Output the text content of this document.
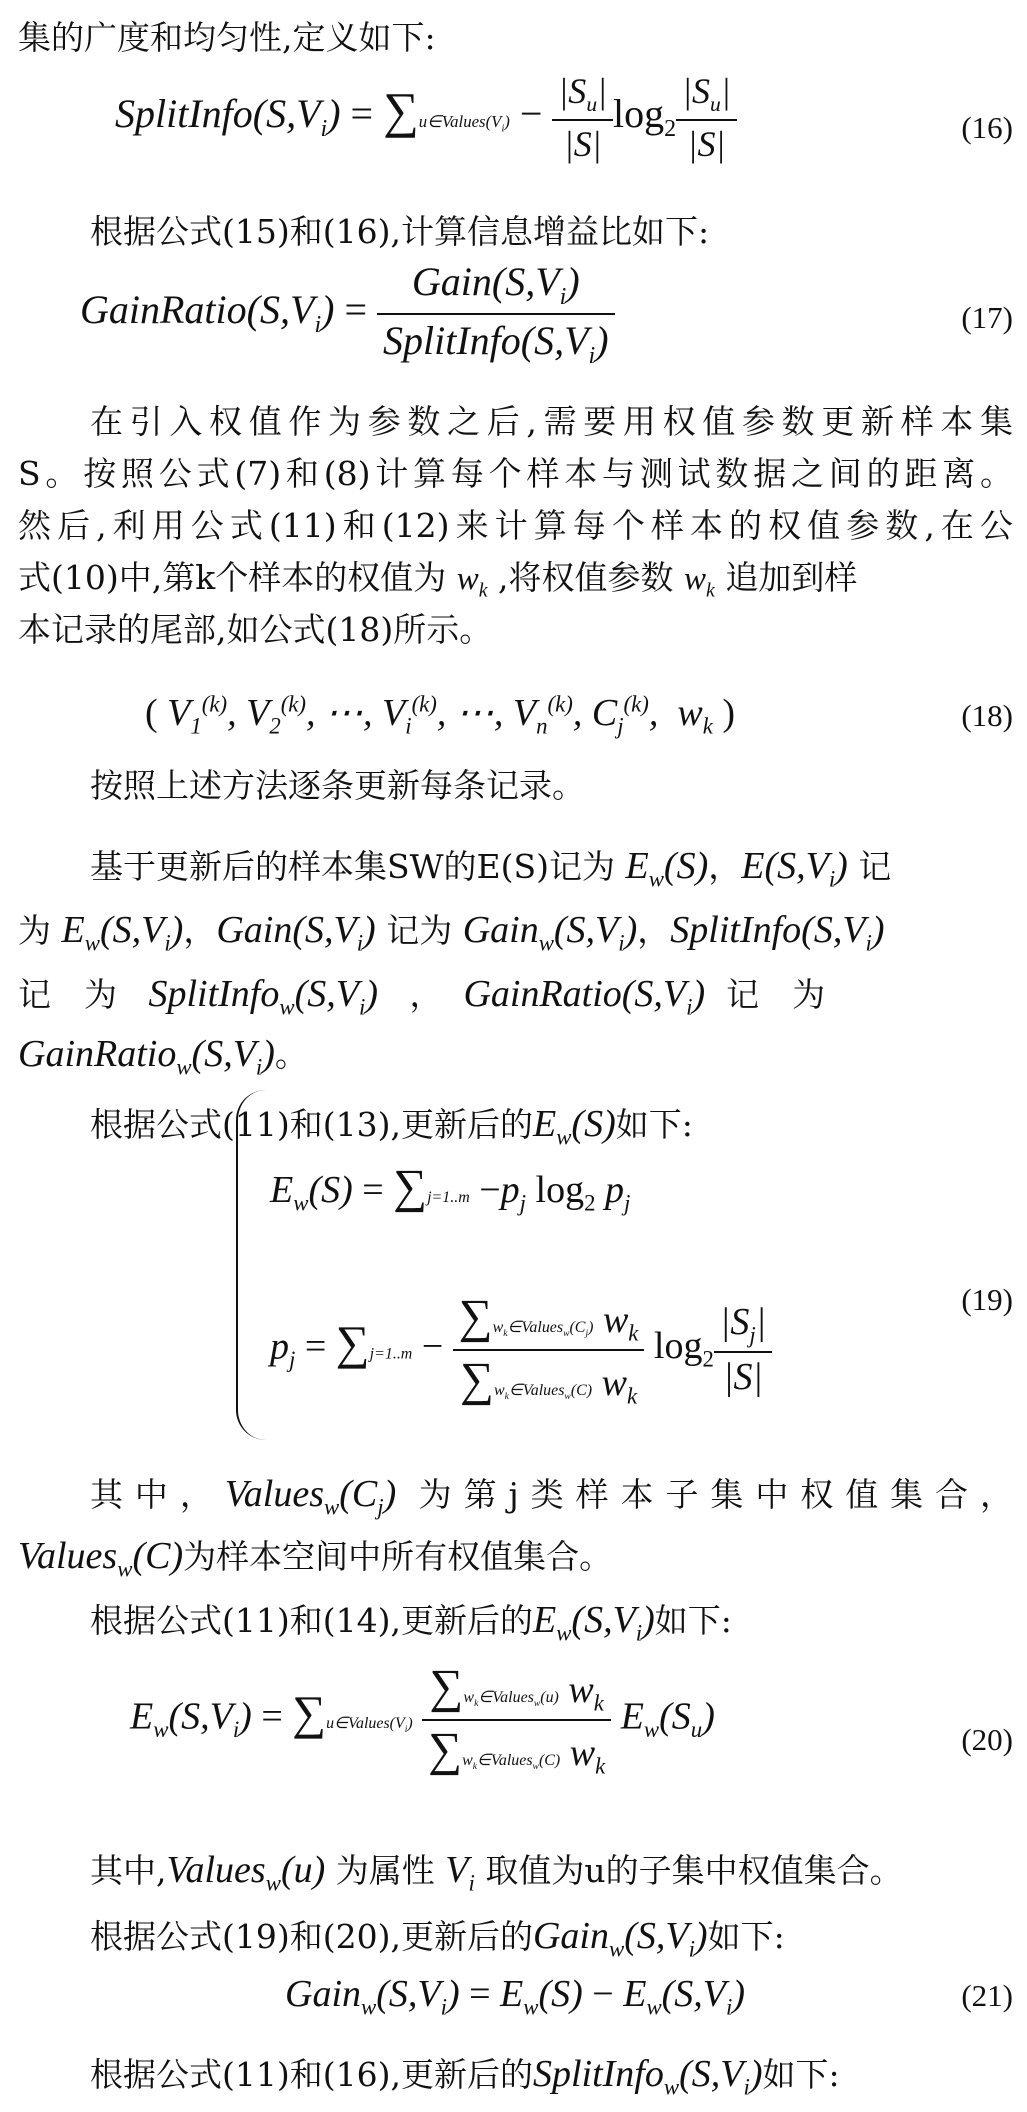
集的广度和均匀性,定义如下:
$SplitInfo(S,V_i)$ = $\sum u\in Values(V_i) - \frac{|S_u|}{|S|} \log_2 \frac{|S_u|}{|S|}$	(16)
根据公式(15)和(16),计算信息增益比如下:
$GainRatio(S,V_i) = \frac{Gain(S,V_i)}{SplitInfo(S,V_i)}$	(17)
在引入权值作为参数之后,需要用权值参数更新样本集
S。按照公式(7)和(8)计算每个样本与测试数据之间的距离。
然后,利用公式(11)和(12)来计算每个样本的权值参数,在公
式(10)中,第k个样本的权值为 $w_k$ ,将权值参数 $w_k$ 追加到样
本记录的尾部,如公式(18)所示。
( $V_1^{(k)}$, $V_2^{(k)}$, ⋯, $V_i^{(k)}$, ⋯, $V_n^{(k)}$, $C_j^{(k)}$,  $w_k$ )	(18)
按照上述方法逐条更新每条记录。
基于更新后的样本集SW的E(S)记为 $E_w(S)$，$E(S,V_i)$ 记
为 $E_w(S,V_i)$，$Gain(S,V_i)$ 记为 $Gain_w(S,V_i)$，$SplitInfo(S,V_i)$
记　为 $SplitInfo_w(S,V_i)$ ， $GainRatio(S,V_i)$ 记　为
$GainRatio_w(S,V_i)$。
根据公式(11)和(13),更新后的$E_w(S)$如下:
$E_w(S) = \sum j=1..m -p_j$ $\log_2 p_j$
$p_j = \sum j=1..m - \frac{\sum w_k\in Values_w(C_j) w_k}{\sum w_k\in Values_w(C) w_k} \log_2 \frac{|S_j|}{|S|}$
(19)
其中，$Values_w(C_j)$ 为第j类样本子集中权值集合，
Values$_w$(C)为样本空间中所有权值集合。
根据公式(11)和(14),更新后的$E_w(S,V_i)$如下:
$E_w(S,V_i)$ = $\sum u\in Values(V_i) \frac{\sum w_k\in Values_w(u) w_k}{\sum w_k\in Values_w(C) w_k} E_w(S_u)$
(20)
其中,Values$_w$(u) 为属性 $V_i$ 取值为u的子集中权值集合。
根据公式(19)和(20),更新后的$Gain_w(S,V_i)$如下:
$Gain_w(S,V_i) = E_w(S) - E_w(S,V_i)$	(21)
根据公式(11)和(16),更新后的$SplitInfo_w(S,V_i)$如下:
